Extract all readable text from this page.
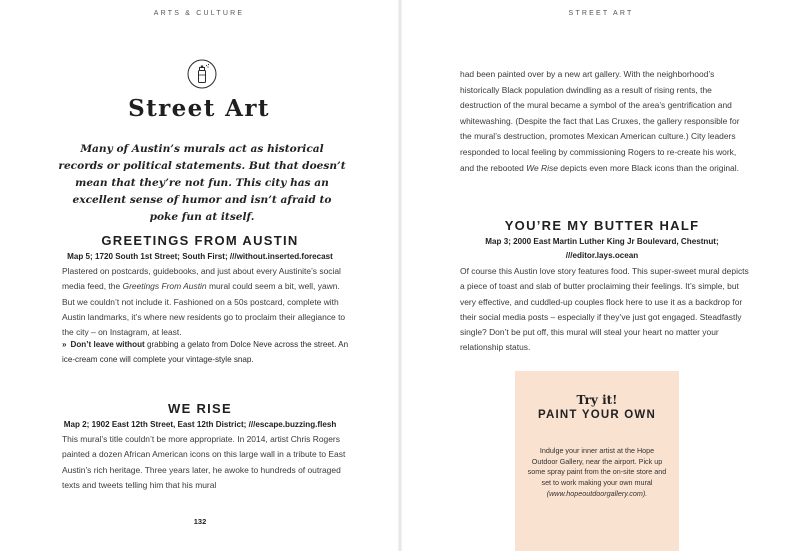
ARTS & CULTURE
Street Art
Many of Austin’s murals act as historical records or political statements. But that doesn’t mean that they’re not fun. This city has an excellent sense of humor and isn’t afraid to poke fun at itself.
GREETINGS FROM AUSTIN
Map 5; 1720 South 1st Street; South First; ///without.inserted.forecast
Plastered on postcards, guidebooks, and just about every Austinite’s social media feed, the Greetings From Austin mural could seem a bit, well, yawn. But we couldn’t not include it. Fashioned on a 50s postcard, complete with Austin landmarks, it’s where new residents go to proclaim their allegiance to the city – on Instagram, at least.
» Don’t leave without grabbing a gelato from Dolce Neve across the street. An ice-cream cone will complete your vintage-style snap.
WE RISE
Map 2; 1902 East 12th Street, East 12th District; ///escape.buzzing.flesh
This mural’s title couldn’t be more appropriate. In 2014, artist Chris Rogers painted a dozen African American icons on this large wall in a tribute to East Austin’s rich heritage. Three years later, he awoke to hundreds of outraged texts and tweets telling him that his mural
132
STREET ART
had been painted over by a new art gallery. With the neighborhood’s historically Black population dwindling as a result of rising rents, the destruction of the mural became a symbol of the area’s gentrification and whitewashing. (Despite the fact that Las Cruxes, the gallery responsible for the mural’s destruction, promotes Mexican American culture.) City leaders responded to local feeling by commissioning Rogers to re-create his work, and the rebooted We Rise depicts even more Black icons than the original.
YOU’RE MY BUTTER HALF
Map 3; 2000 East Martin Luther King Jr Boulevard, Chestnut;
///editor.lays.ocean
Of course this Austin love story features food. This super-sweet mural depicts a piece of toast and slab of butter proclaiming their feelings. It’s simple, but very effective, and cuddled-up couples flock here to use it as a backdrop for their social media posts – especially if they’ve just got engaged. Steadfastly single? Don’t be put off, this mural will steal your heart no matter your relationship status.
Try it!
PAINT YOUR OWN
Indulge your inner artist at the Hope Outdoor Gallery, near the airport. Pick up some spray paint from the on-site store and set to work making your own mural (www.hopeoutdoorgallery.com).
